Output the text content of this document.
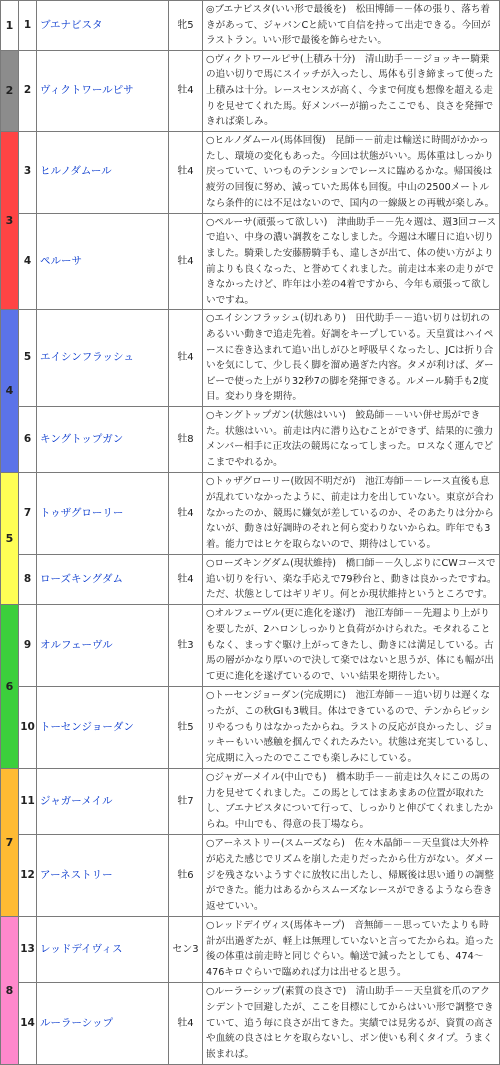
1	1	ブエナビスタ	牝5	◎ブエナビスタ(いい形で最後を)　松田博師－－体の張り、落ち着きがあって、ジャパンCと続いて自信を持って出走できる。今回がラストラン。いい形で最後を飾らせたい。
2	2	ヴィクトワールピサ	牡4	○ヴィクトワールピサ(上積み十分)　清山助手－－ジョッキー騎乗の追い切りで馬にスイッチが入ったし、馬体も引き締まって使った上積みは十分。レースセンスが高く、今まで何度も想像を超える走りを見せてくれた馬。好メンバーが揃ったここでも、良さを発揮できれば楽しみ。
3	3	ヒルノダムール	牡4	○ヒルノダムール(馬体回復)　昆師－－前走は輸送に時間がかかったし、環境の変化もあった。今回は状態がいい。馬体重はしっかり戻っていて、いつものテンションでレースに臨めるかな。帰国後は疲労の回復に努め、減っていた馬体も回復。中山の2500メートルなら条件的には不足はないので、国内の一線級との再戦が楽しみ。
	4	ペルーサ	牡4	○ペルーサ(頑張って欲しい)　津曲助手－－先々週は、週3回コースで追い、中身の濃い調教をこなしました。今週は木曜日に追い切りました。騎乗した安藤勝騎手も、違しさが出て、体の使い方がより前よりも良くなった、と誉めてくれました。前走は本来の走りができなかったけど、昨年は小差の4着ですから、今年も頑張って欲しいですね。
4	5	エイシンフラッシュ	牡4	○エイシンフラッシュ(切れあり)　田代助手－－追い切りは切れのあるいい動きで追走先着。好調をキープしている。天皇賞はハイペースに巻き込まれて追い出しがひと呼吸早くなったし、JCは折り合いを気にして、少し長く脚を溜め過ぎた内容。タメが利けば、ダービーで使った上がり32秒7の脚を発揮できる。ルメール騎手も2度目。変わり身を期待。
	6	キングトップガン	牡8	○キングトップガン(状態はいい)　鮫島師－－いい併せ馬ができた。状態はいい。前走は内に潜り込むことができず、結果的に強力メンバー相手に正攻法の競馬になってしまった。ロスなく運んでどこまでやれるか。
5	7	トゥザグローリー	牡4	○トゥザグローリー(敗因不明だが)　池江寿師－－レース直後も息が乱れていなかったように、前走は力を出していない。東京が合わなかったのか、競馬に嫌気が差しているのか、そのあたりは分からないが、動きは好調時のそれと何ら変わりないからね。昨年でも3着。能力ではヒケを取らないので、期待はしている。
	8	ローズキングダム	牡4	○ローズキングダム(現状維持)　橋口師－－久しぶりにCWコースで追い切りを行い、楽な手応えで79秒台と、動きは良かったですね。ただ、状態としてはギリギリ。何とか現状維持というところです。
6	9	オルフェーヴル	牡3	○オルフェーヴル(更に進化を遂げ)　池江寿師－－先週より上がりを要したが、2ハロンしっかりと負荷がかけられた。モタれることもなく、まっすぐ駆け上がってきたし、動きには満足している。古馬の層がかなり厚いので決して楽ではないと思うが、体にも幅が出て更に進化を遂げているので、いい結果を期待したい。
	10	トーセンジョーダン	牡5	○トーセンジョーダン(完成期に)　池江寿師－－追い切りは遅くなったが、この秋GIも3戦目。体はできているので、テンからビッシリやるつもりはなかったからね。ラストの反応が良かったし、ジョッキーもいい感触を掴んでくれたみたい。状態は充実しているし、完成期に入ったのでここでも楽しみにしている。
7	11	ジャガーメイル	牡7	○ジャガーメイル(中山でも)　橋本助手－－前走は久々にこの馬の力を見せてくれました。この馬としてはまあまあの位置が取れたし、ブエナビスタについて行って、しっかりと伸びてくれましたからね。中山でも、得意の長丁場なら。
	12	アーネストリー	牡6	○アーネストリー(スムーズなら)　佐々木晶師－－天皇賞は大外枠が応えた感じでリズムを崩した走りだったから仕方がない。ダメージを残さないようすぐに放牧に出したし、帰厩後は思い通りの調整ができた。能力はあるからスムーズなレースができるようなら巻き返せていい。
8	13	レッドデイヴィス	セン3	○レッドデイヴィス(馬体キープ)　音無師－－思っていたよりも時計が出過ぎたが、軽上は無理していないと言ってたからね。追った後の体重は前走時と同じぐらい。輸送で減ったとしても、474～476キロぐらいで臨めれば力は出せると思う。
	14	ルーラーシップ	牡4	○ルーラーシップ(素質の良さで)　清山助手－－天皇賞を爪のアクシデントで回避したが、ここを目標にしてからはいい形で調整できていて、追う毎に良さが出てきた。実績では見劣るが、資質の高さや血統の良さはヒケを取らないし、ポン使いも利くタイプ。うまく嵌まれば。
